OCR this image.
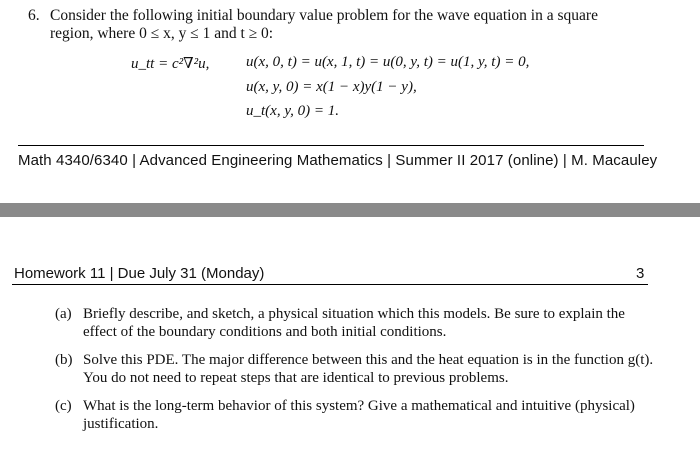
6. Consider the following initial boundary value problem for the wave equation in a square
region, where 0 ≤ x, y ≤ 1 and t ≥ 0:
u_tt = c²∇²u, u(x, 0, t) = u(x, 1, t) = u(0, y, t) = u(1, y, t) = 0,
u(x, y, 0) = x(1 − x)y(1 − y),
u_t(x, y, 0) = 1.
Math 4340/6340 | Advanced Engineering Mathematics | Summer II 2017 (online) | M. Macauley
Homework 11 | Due July 31 (Monday)	3
(a) Briefly describe, and sketch, a physical situation which this models. Be sure to explain the effect of the boundary conditions and both initial conditions.
(b) Solve this PDE. The major difference between this and the heat equation is in the function g(t). You do not need to repeat steps that are identical to previous problems.
(c) What is the long-term behavior of this system? Give a mathematical and intuitive (physical) justification.
